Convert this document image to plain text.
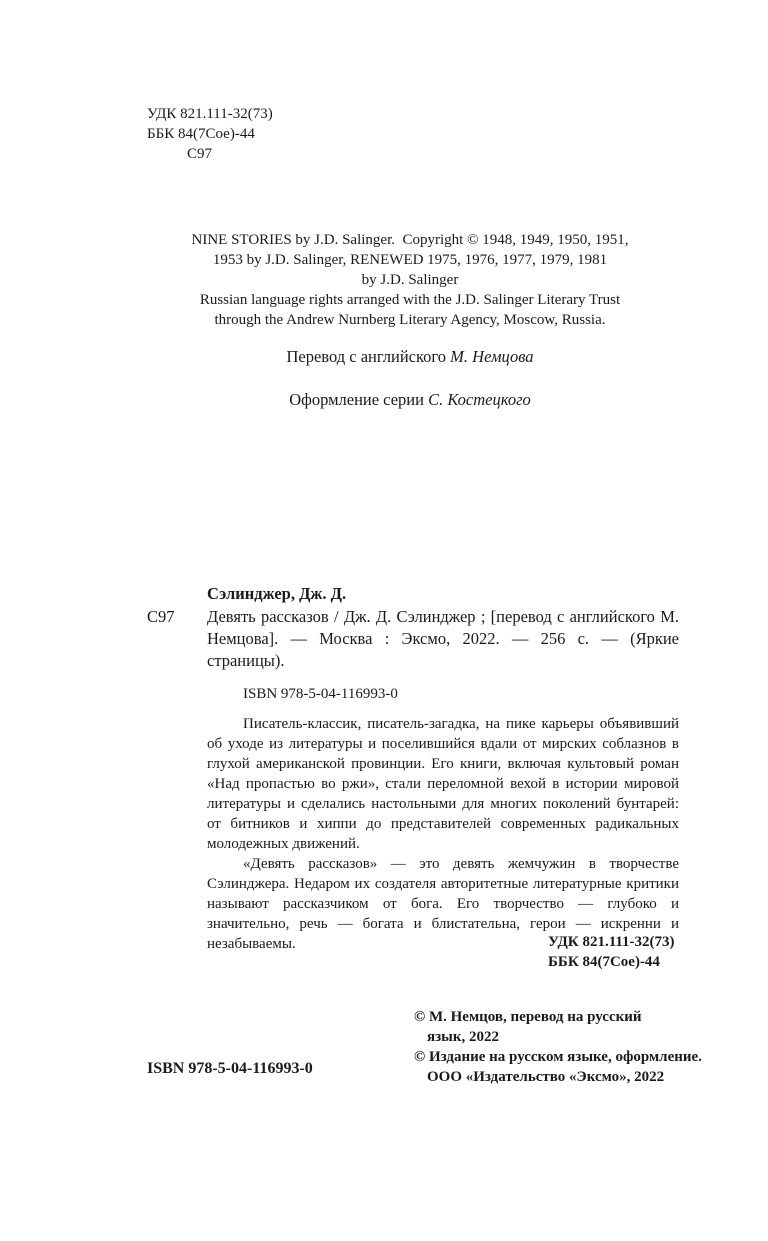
УДК 821.111-32(73)
ББК 84(7Сое)-44
С97
NINE STORIES by J.D. Salinger.  Copyright © 1948, 1949, 1950, 1951,
1953 by J.D. Salinger, RENEWED 1975, 1976, 1977, 1979, 1981
by J.D. Salinger
Russian language rights arranged with the J.D. Salinger Literary Trust
through the Andrew Nurnberg Literary Agency, Moscow, Russia.
Перевод с английского М. Немцова
Оформление серии С. Костецкого
Сэлинджер, Дж. Д.
С97 Девять рассказов / Дж. Д. Сэлинджер ; [перевод с английского М. Немцова]. — Москва : Эксмо, 2022. — 256 с. — (Яркие страницы).
ISBN 978-5-04-116993-0
Писатель-классик, писатель-загадка, на пике карьеры объявивший об уходе из литературы и поселившийся вдали от мирских соблазнов в глухой американской провинции. Его книги, включая культовый роман «Над пропастью во ржи», стали переломной вехой в истории мировой литературы и сделались настольными для многих поколений бунтарей: от битников и хиппи до представителей современных радикальных молодежных движений.
«Девять рассказов» — это девять жемчужин в творчестве Сэлинджера. Недаром их создателя авторитетные литературные критики называют рассказчиком от бога. Его творчество — глубоко и значительно, речь — богата и блистательна, герои — искренни и незабываемы.	УДК 821.111-32(73)
ББК 84(7Сое)-44
© М. Немцов, перевод на русский
язык, 2022
© Издание на русском языке, оформление.
ООО «Издательство «Эксмо», 2022
ISBN 978-5-04-116993-0
